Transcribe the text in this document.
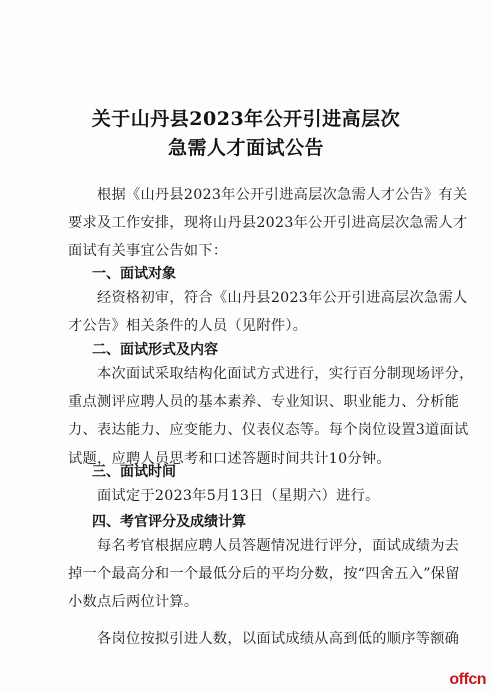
关于山丹县2023年公开引进高层次
急需人才面试公告
　　根据《山丹县2023年公开引进高层次急需人才公告》有关
要求及工作安排，现将山丹县2023年公开引进高层次急需人才
面试有关事宜公告如下：
一、面试对象
　　经资格初审，符合《山丹县2023年公开引进高层次急需人
才公告》相关条件的人员（见附件）。
二、面试形式及内容
　　本次面试采取结构化面试方式进行，实行百分制现场评分，
重点测评应聘人员的基本素养、专业知识、职业能力、分析能
力、表达能力、应变能力、仪表仪态等。每个岗位设置3道面试
试题，应聘人员思考和口述答题时间共计10分钟。
三、面试时间
　　面试定于2023年5月13日（星期六）进行。
四、考官评分及成绩计算
　　每名考官根据应聘人员答题情况进行评分，面试成绩为去
掉一个最高分和一个最低分后的平均分数，按“四舍五入”保留
小数点后两位计算。
　　各岗位按拟引进人数，以面试成绩从高到低的顺序等额确
offcn
